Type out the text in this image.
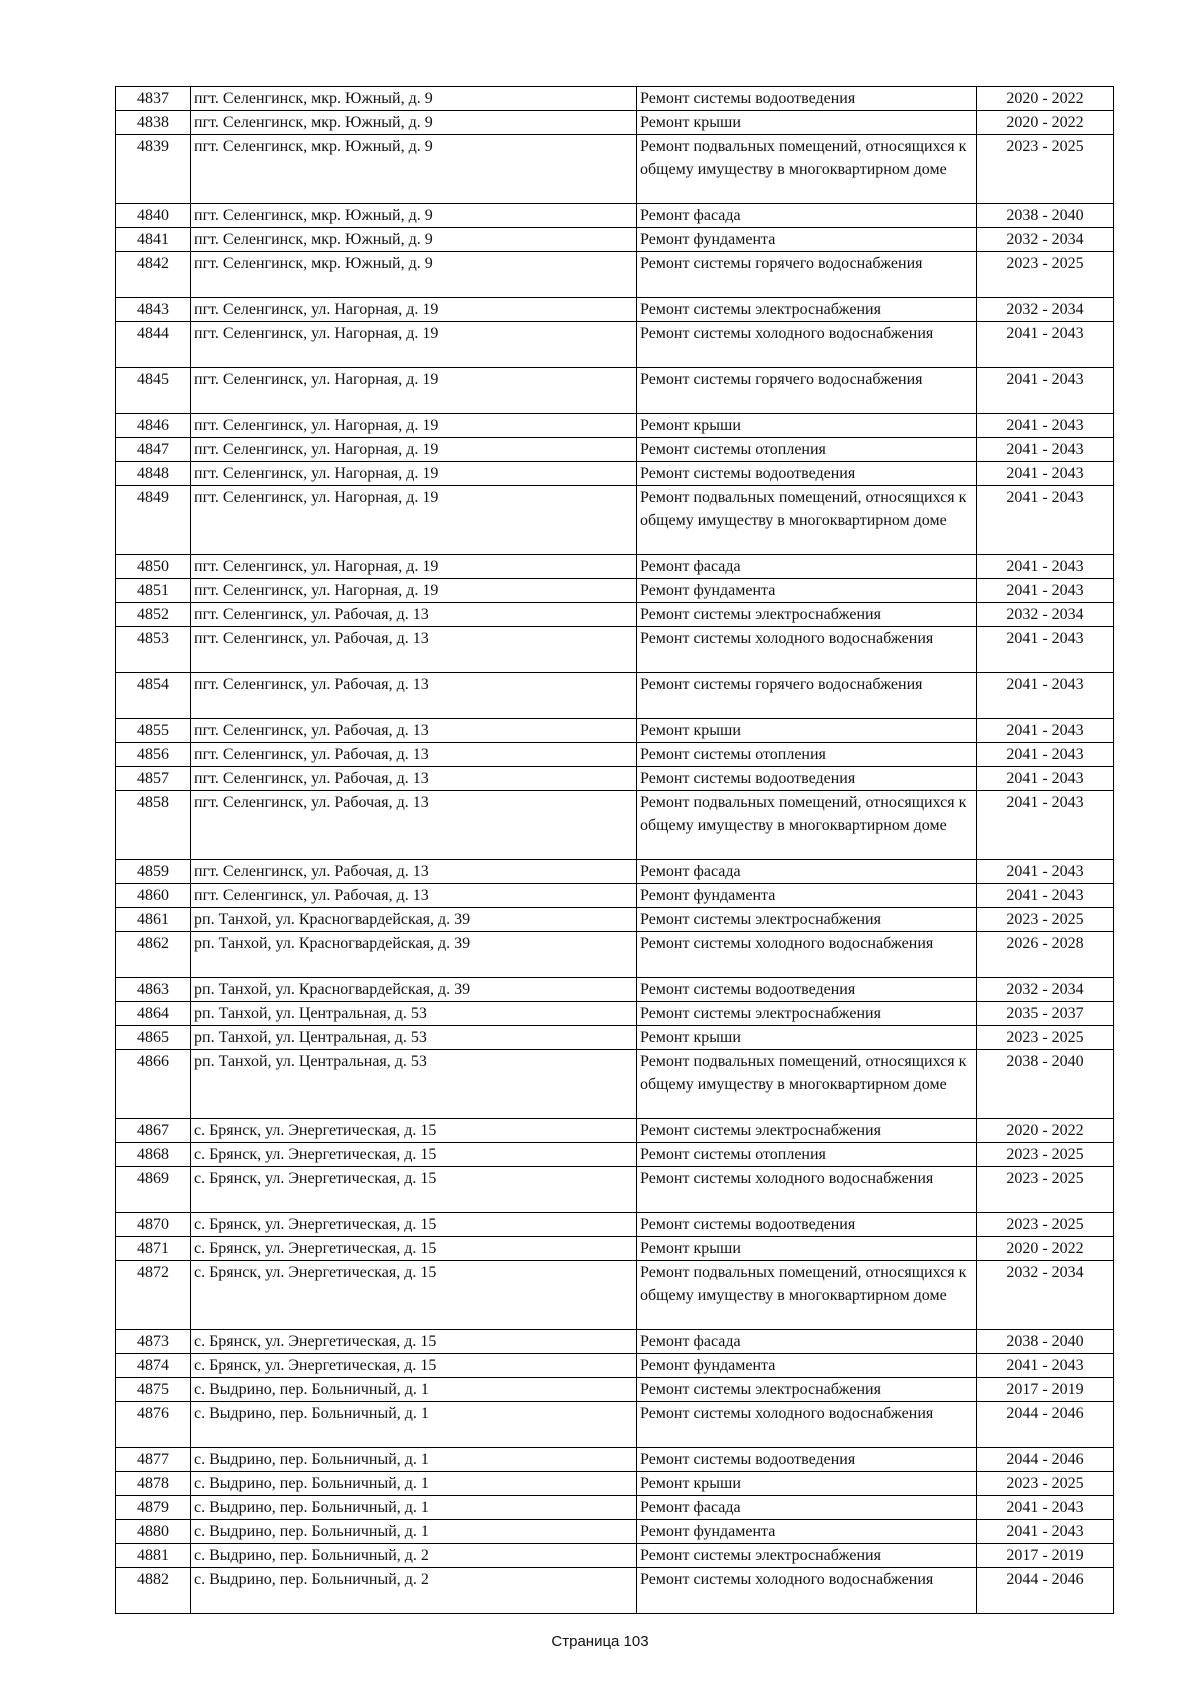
4837	пгт. Селенгинск, мкр. Южный, д. 9	Ремонт системы водоотведения	2020 - 2022
4838	пгт. Селенгинск, мкр. Южный, д. 9	Ремонт крыши	2020 - 2022
4839	пгт. Селенгинск, мкр. Южный, д. 9	Ремонт подвальных помещений, относящихся к общему имуществу в многоквартирном доме	2023 - 2025
4840	пгт. Селенгинск, мкр. Южный, д. 9	Ремонт фасада	2038 - 2040
4841	пгт. Селенгинск, мкр. Южный, д. 9	Ремонт фундамента	2032 - 2034
4842	пгт. Селенгинск, мкр. Южный, д. 9	Ремонт системы горячего водоснабжения	2023 - 2025
4843	пгт. Селенгинск, ул. Нагорная, д. 19	Ремонт системы электроснабжения	2032 - 2034
4844	пгт. Селенгинск, ул. Нагорная, д. 19	Ремонт системы холодного водоснабжения	2041 - 2043
4845	пгт. Селенгинск, ул. Нагорная, д. 19	Ремонт системы горячего водоснабжения	2041 - 2043
4846	пгт. Селенгинск, ул. Нагорная, д. 19	Ремонт крыши	2041 - 2043
4847	пгт. Селенгинск, ул. Нагорная, д. 19	Ремонт системы отопления	2041 - 2043
4848	пгт. Селенгинск, ул. Нагорная, д. 19	Ремонт системы водоотведения	2041 - 2043
4849	пгт. Селенгинск, ул. Нагорная, д. 19	Ремонт подвальных помещений, относящихся к общему имуществу в многоквартирном доме	2041 - 2043
4850	пгт. Селенгинск, ул. Нагорная, д. 19	Ремонт фасада	2041 - 2043
4851	пгт. Селенгинск, ул. Нагорная, д. 19	Ремонт фундамента	2041 - 2043
4852	пгт. Селенгинск, ул. Рабочая, д. 13	Ремонт системы электроснабжения	2032 - 2034
4853	пгт. Селенгинск, ул. Рабочая, д. 13	Ремонт системы холодного водоснабжения	2041 - 2043
4854	пгт. Селенгинск, ул. Рабочая, д. 13	Ремонт системы горячего водоснабжения	2041 - 2043
4855	пгт. Селенгинск, ул. Рабочая, д. 13	Ремонт крыши	2041 - 2043
4856	пгт. Селенгинск, ул. Рабочая, д. 13	Ремонт системы отопления	2041 - 2043
4857	пгт. Селенгинск, ул. Рабочая, д. 13	Ремонт системы водоотведения	2041 - 2043
4858	пгт. Селенгинск, ул. Рабочая, д. 13	Ремонт подвальных помещений, относящихся к общему имуществу в многоквартирном доме	2041 - 2043
4859	пгт. Селенгинск, ул. Рабочая, д. 13	Ремонт фасада	2041 - 2043
4860	пгт. Селенгинск, ул. Рабочая, д. 13	Ремонт фундамента	2041 - 2043
4861	рп. Танхой, ул. Красногвардейская, д. 39	Ремонт системы электроснабжения	2023 - 2025
4862	рп. Танхой, ул. Красногвардейская, д. 39	Ремонт системы холодного водоснабжения	2026 - 2028
4863	рп. Танхой, ул. Красногвардейская, д. 39	Ремонт системы водоотведения	2032 - 2034
4864	рп. Танхой, ул. Центральная, д. 53	Ремонт системы электроснабжения	2035 - 2037
4865	рп. Танхой, ул. Центральная, д. 53	Ремонт крыши	2023 - 2025
4866	рп. Танхой, ул. Центральная, д. 53	Ремонт подвальных помещений, относящихся к общему имуществу в многоквартирном доме	2038 - 2040
4867	с. Брянск, ул. Энергетическая, д. 15	Ремонт системы электроснабжения	2020 - 2022
4868	с. Брянск, ул. Энергетическая, д. 15	Ремонт системы отопления	2023 - 2025
4869	с. Брянск, ул. Энергетическая, д. 15	Ремонт системы холодного водоснабжения	2023 - 2025
4870	с. Брянск, ул. Энергетическая, д. 15	Ремонт системы водоотведения	2023 - 2025
4871	с. Брянск, ул. Энергетическая, д. 15	Ремонт крыши	2020 - 2022
4872	с. Брянск, ул. Энергетическая, д. 15	Ремонт подвальных помещений, относящихся к общему имуществу в многоквартирном доме	2032 - 2034
4873	с. Брянск, ул. Энергетическая, д. 15	Ремонт фасада	2038 - 2040
4874	с. Брянск, ул. Энергетическая, д. 15	Ремонт фундамента	2041 - 2043
4875	с. Выдрино, пер. Больничный, д. 1	Ремонт системы электроснабжения	2017 - 2019
4876	с. Выдрино, пер. Больничный, д. 1	Ремонт системы холодного водоснабжения	2044 - 2046
4877	с. Выдрино, пер. Больничный, д. 1	Ремонт системы водоотведения	2044 - 2046
4878	с. Выдрино, пер. Больничный, д. 1	Ремонт крыши	2023 - 2025
4879	с. Выдрино, пер. Больничный, д. 1	Ремонт фасада	2041 - 2043
4880	с. Выдрино, пер. Больничный, д. 1	Ремонт фундамента	2041 - 2043
4881	с. Выдрино, пер. Больничный, д. 2	Ремонт системы электроснабжения	2017 - 2019
4882	с. Выдрино, пер. Больничный, д. 2	Ремонт системы холодного водоснабжения	2044 - 2046
Страница 103
